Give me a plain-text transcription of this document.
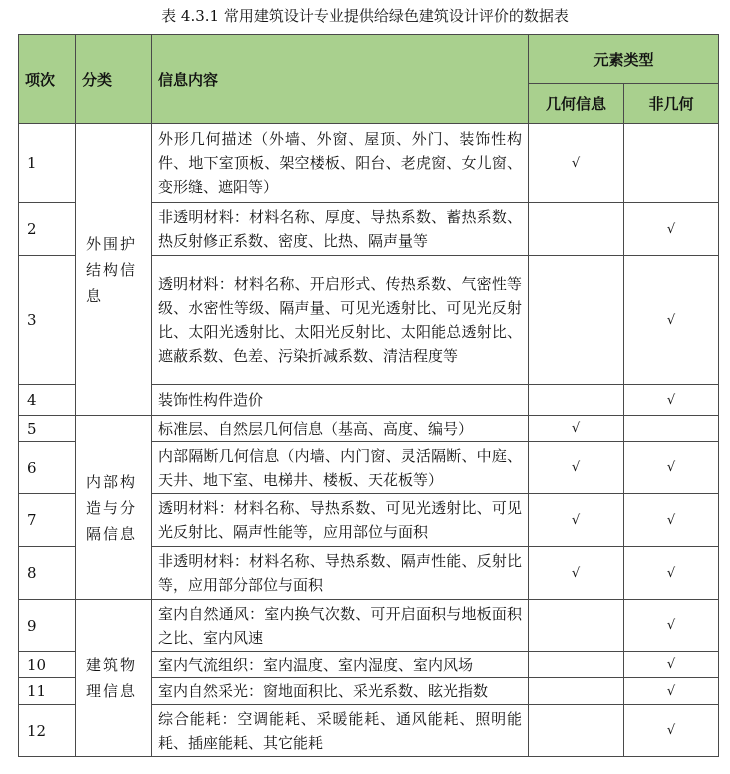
表 4.3.1 常用建筑设计专业提供给绿色建筑设计评价的数据表
项次	分类	信息内容	元素类型	
			几何信息	非几何
1	外围护结构信息	外形几何描述（外墙、外窗、屋顶、外门、装饰性构件、地下室顶板、架空楼板、阳台、老虎窗、女儿窗、变形缝、遮阳等）	√	
2		非透明材料：材料名称、厚度、导热系数、蓄热系数、热反射修正系数、密度、比热、隔声量等		√
3		透明材料：材料名称、开启形式、传热系数、气密性等级、水密性等级、隔声量、可见光透射比、可见光反射比、太阳光透射比、太阳光反射比、太阳能总透射比、遮蔽系数、色差、污染折减系数、清洁程度等		√
4		装饰性构件造价		√
5	内部构造与分隔信息	标准层、自然层几何信息（基高、高度、编号）	√	
6		内部隔断几何信息（内墙、内门窗、灵活隔断、中庭、天井、地下室、电梯井、楼板、天花板等）	√	√
7		透明材料：材料名称、导热系数、可见光透射比、可见光反射比、隔声性能等，应用部位与面积	√	√
8		非透明材料：材料名称、导热系数、隔声性能、反射比等，应用部分部位与面积	√	√
9	建筑物理信息	室内自然通风：室内换气次数、可开启面积与地板面积之比、室内风速		√
10		室内气流组织：室内温度、室内湿度、室内风场		√
11		室内自然采光：窗地面积比、采光系数、眩光指数		√
12		综合能耗：空调能耗、采暖能耗、通风能耗、照明能耗、插座能耗、其它能耗		√
